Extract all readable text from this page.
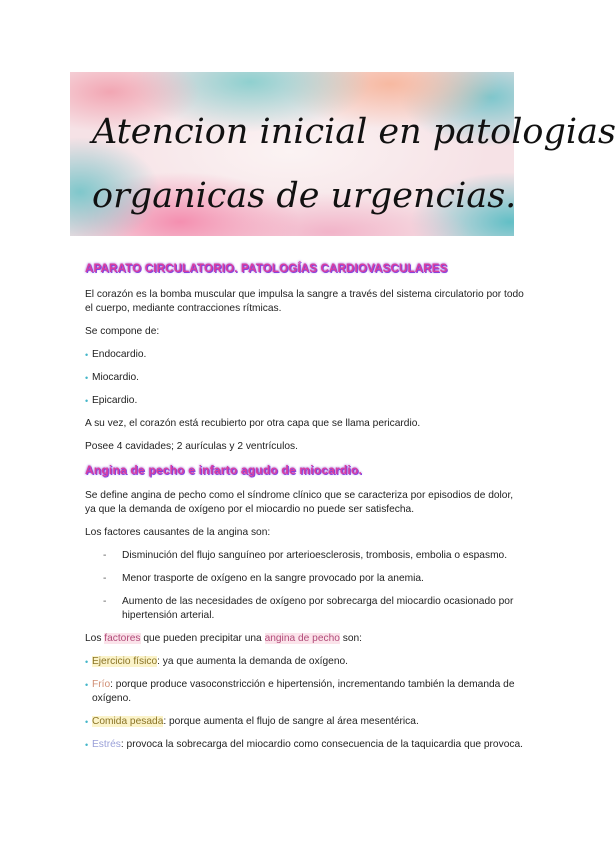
Atencion inicial en patologias
organicas de urgencias.
APARATO CIRCULATORIO. PATOLOGÍAS CARDIOVASCULARES

El corazón es la bomba muscular que impulsa la sangre a través del sistema circulatorio por todo el cuerpo, mediante contracciones rítmicas.

Se compone de:

• Endocardio.
• Miocardio.
• Epicardio.

A su vez, el corazón está recubierto por otra capa que se llama pericardio.

Posee 4 cavidades; 2 aurículas y 2 ventrículos.

Angina de pecho e infarto agudo de miocardio.

Se define angina de pecho como el síndrome clínico que se caracteriza por episodios de dolor, ya que la demanda de oxígeno por el miocardio no puede ser satisfecha.

Los factores causantes de la angina son:

-	Disminución del flujo sanguíneo por arterioesclerosis, trombosis, embolia o espasmo.
-	Menor trasporte de oxígeno en la sangre provocado por la anemia.
-	Aumento de las necesidades de oxígeno por sobrecarga del miocardio ocasionado por hipertensión arterial.

Los factores que pueden precipitar una angina de pecho son:

• Ejercicio físico: ya que aumenta la demanda de oxígeno.
• Frío: porque produce vasoconstricción e hipertensión, incrementando también la demanda de oxígeno.
• Comida pesada: porque aumenta el flujo de sangre al área mesentérica.
• Estrés: provoca la sobrecarga del miocardio como consecuencia de la taquicardia que provoca.
